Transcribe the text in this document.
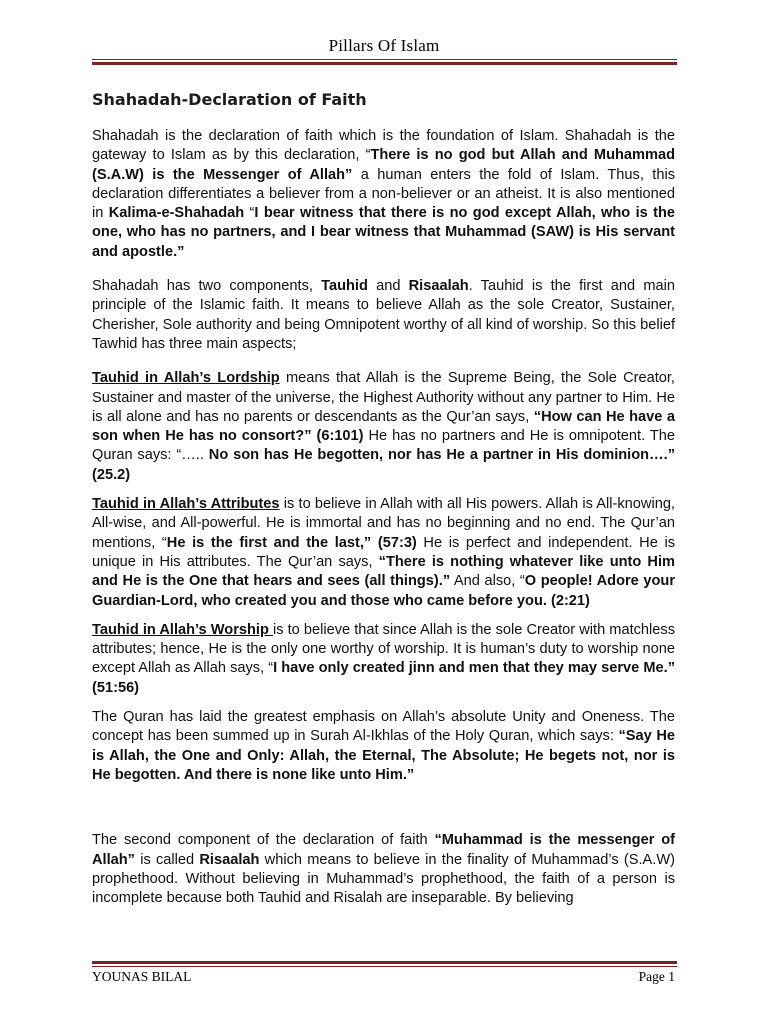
Pillars Of Islam
Shahadah-Declaration of Faith

Shahadah is the declaration of faith which is the foundation of Islam. Shahadah is the gateway to Islam as by this declaration, “There is no god but Allah and Muhammad (S.A.W) is the Messenger of Allah” a human enters the fold of Islam. Thus, this declaration differentiates a believer from a non-believer or an atheist. It is also mentioned in Kalima-e-Shahadah “I bear witness that there is no god except Allah, who is the one, who has no partners, and I bear witness that Muhammad (SAW) is His servant and apostle.”

Shahadah has two components, Tauhid and Risaalah. Tauhid is the first and main principle of the Islamic faith. It means to believe Allah as the sole Creator, Sustainer, Cherisher, Sole authority and being Omnipotent worthy of all kind of worship. So this belief Tawhid has three main aspects;

Tauhid in Allah’s Lordship means that Allah is the Supreme Being, the Sole Creator, Sustainer and master of the universe, the Highest Authority without any partner to Him. He is all alone and has no parents or descendants as the Qur’an says, “How can He have a son when He has no consort?” (6:101) He has no partners and He is omnipotent. The Quran says: “….. No son has He begotten, nor has He a partner in His dominion….” (25.2)

Tauhid in Allah’s Attributes is to believe in Allah with all His powers. Allah is All-knowing, All-wise, and All-powerful. He is immortal and has no beginning and no end. The Qur’an mentions, “He is the first and the last,” (57:3) He is perfect and independent. He is unique in His attributes. The Qur’an says, “There is nothing whatever like unto Him and He is the One that hears and sees (all things).” And also, “O people! Adore your Guardian-Lord, who created you and those who came before you. (2:21)

Tauhid in Allah’s Worship is to believe that since Allah is the sole Creator with matchless attributes; hence, He is the only one worthy of worship. It is human’s duty to worship none except Allah as Allah says, “I have only created jinn and men that they may serve Me.” (51:56)

The Quran has laid the greatest emphasis on Allah’s absolute Unity and Oneness. The concept has been summed up in Surah Al-Ikhlas of the Holy Quran, which says: “Say He is Allah, the One and Only: Allah, the Eternal, The Absolute; He begets not, nor is He begotten. And there is none like unto Him.”

The second component of the declaration of faith “Muhammad is the messenger of Allah” is called Risaalah which means to believe in the finality of Muhammad’s (S.A.W) prophethood. Without believing in Muhammad’s prophethood, the faith of a person is incomplete because both Tauhid and Risalah are inseparable. By believing

YOUNAS BILAL	Page 1
